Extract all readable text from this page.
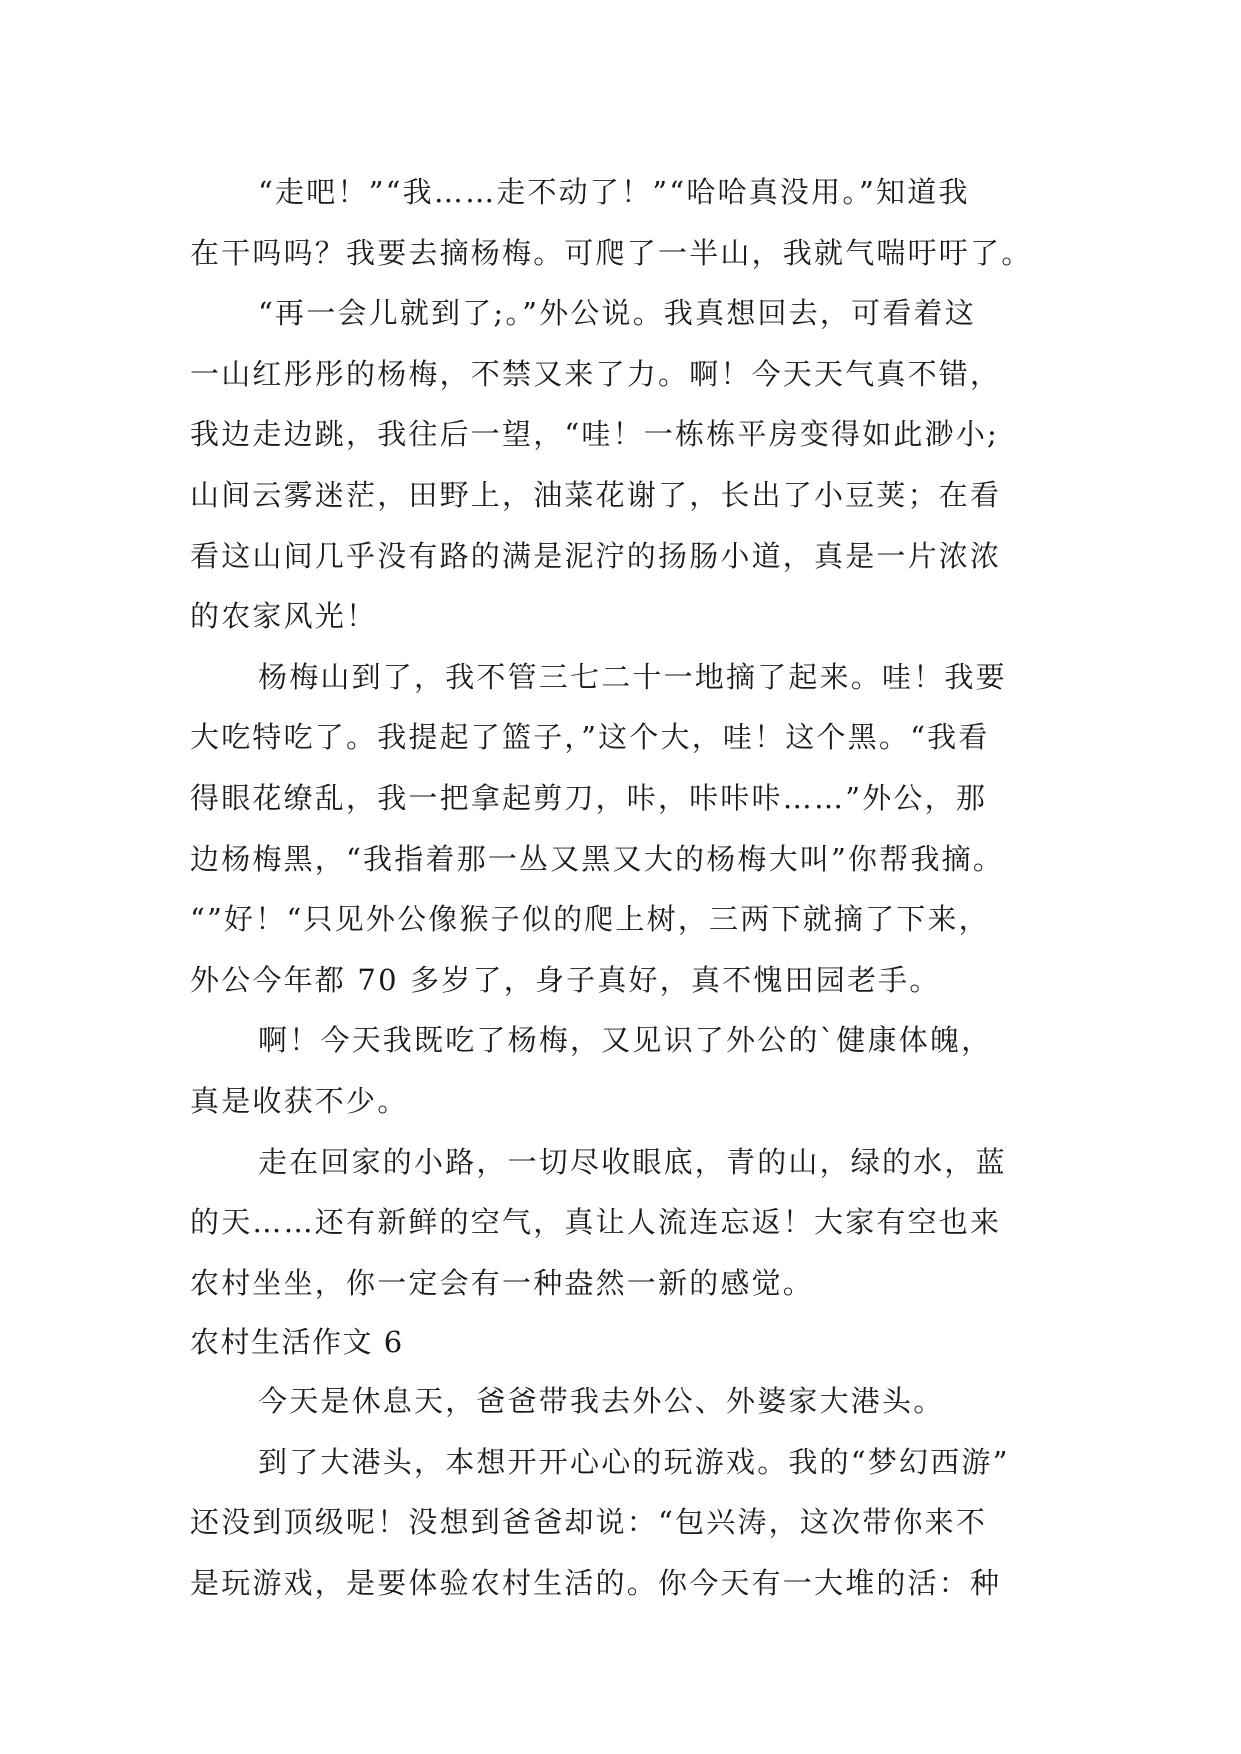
“走吧！”“我……走不动了！”“哈哈真没用。”知道我
在干吗吗？我要去摘杨梅。可爬了一半山，我就气喘吁吁了。
“再一会儿就到了;。”外公说。我真想回去，可看着这
一山红彤彤的杨梅，不禁又来了力。啊！今天天气真不错，
我边走边跳，我往后一望，“哇！一栋栋平房变得如此渺小;
山间云雾迷茫，田野上，油菜花谢了，长出了小豆荚；在看
看这山间几乎没有路的满是泥泞的扬肠小道，真是一片浓浓
的农家风光！
杨梅山到了，我不管三七二十一地摘了起来。哇！我要
大吃特吃了。我提起了篮子，”这个大，哇！这个黑。“我看
得眼花缭乱，我一把拿起剪刀，咔，咔咔咔……”外公，那
边杨梅黑，“我指着那一丛又黑又大的杨梅大叫”你帮我摘。
“”好！“只见外公像猴子似的爬上树，三两下就摘了下来，
外公今年都 70 多岁了，身子真好，真不愧田园老手。
啊！今天我既吃了杨梅，又见识了外公的`健康体魄，
真是收获不少。
走在回家的小路，一切尽收眼底，青的山，绿的水，蓝
的天……还有新鲜的空气，真让人流连忘返！大家有空也来
农村坐坐，你一定会有一种盎然一新的感觉。
农村生活作文 6
今天是休息天，爸爸带我去外公、外婆家大港头。
到了大港头，本想开开心心的玩游戏。我的“梦幻西游”
还没到顶级呢！没想到爸爸却说：“包兴涛，这次带你来不
是玩游戏，是要体验农村生活的。你今天有一大堆的活：种
